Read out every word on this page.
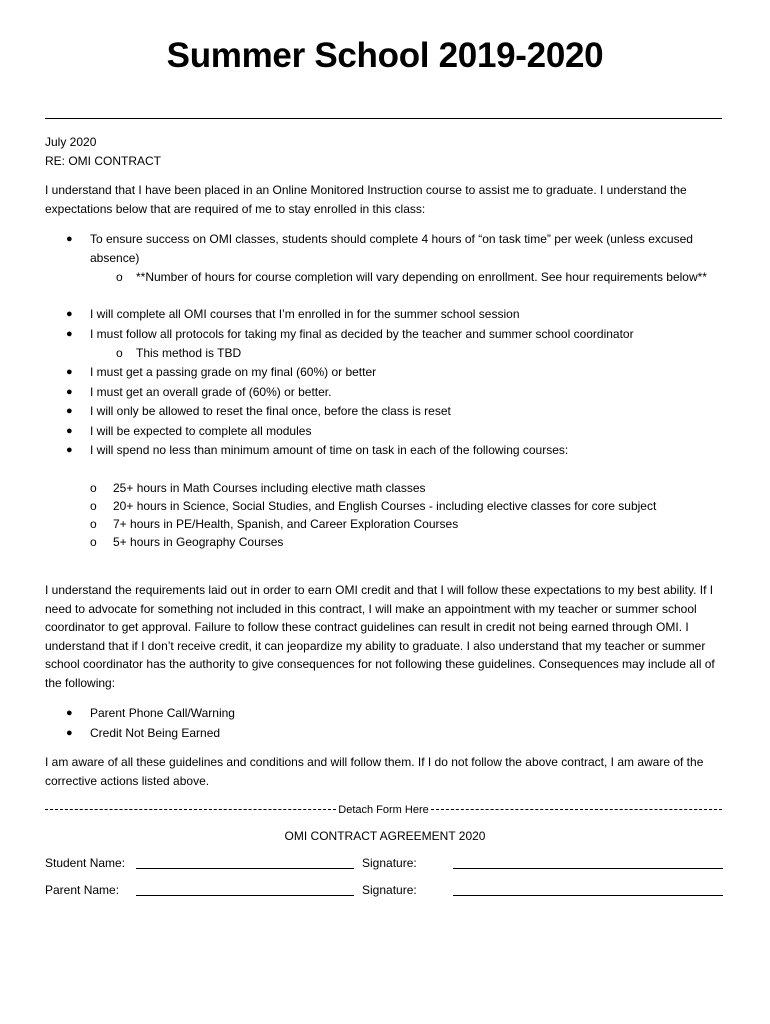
Summer School 2019-2020
July 2020
RE: OMI CONTRACT
I understand that I have been placed in an Online Monitored Instruction course to assist me to graduate. I understand the expectations below that are required of me to stay enrolled in this class:
● To ensure success on OMI classes, students should complete 4 hours of “on task time” per week (unless excused absence)
o **Number of hours for course completion will vary depending on enrollment. See hour requirements below**
● I will complete all OMI courses that I’m enrolled in for the summer school session
● I must follow all protocols for taking my final as decided by the teacher and summer school coordinator
o This method is TBD
● I must get a passing grade on my final (60%) or better
● I must get an overall grade of (60%) or better.
● I will only be allowed to reset the final once, before the class is reset
● I will be expected to complete all modules
● I will spend no less than minimum amount of time on task in each of the following courses:
o 25+ hours in Math Courses including elective math classes
o 20+ hours in Science, Social Studies, and English Courses - including elective classes for core subject
o 7+ hours in PE/Health, Spanish, and Career Exploration Courses
o 5+ hours in Geography Courses
I understand the requirements laid out in order to earn OMI credit and that I will follow these expectations to my best ability. If I need to advocate for something not included in this contract, I will make an appointment with my teacher or summer school coordinator to get approval. Failure to follow these contract guidelines can result in credit not being earned through OMI. I understand that if I don’t receive credit, it can jeopardize my ability to graduate. I also understand that my teacher or summer school coordinator has the authority to give consequences for not following these guidelines. Consequences may include all of the following:
● Parent Phone Call/Warning
● Credit Not Being Earned
I am aware of all these guidelines and conditions and will follow them. If I do not follow the above contract, I am aware of the corrective actions listed above.
Detach Form Here
OMI CONTRACT AGREEMENT 2020
Student Name:	Signature:
Parent Name:	Signature:
